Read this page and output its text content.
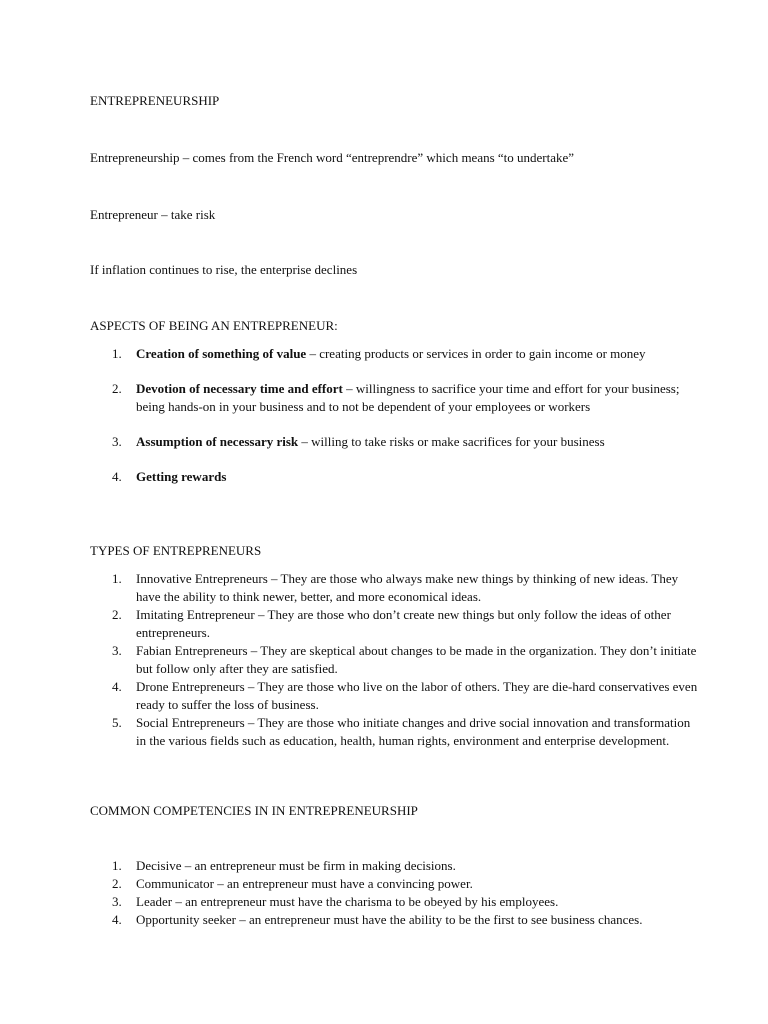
ENTREPRENEURSHIP

Entrepreneurship – comes from the French word “entreprendre” which means “to undertake”

Entrepreneur – take risk

If inflation continues to rise, the enterprise declines

ASPECTS OF BEING AN ENTREPRENEUR:

1. Creation of something of value – creating products or services in order to gain income or money
2. Devotion of necessary time and effort – willingness to sacrifice your time and effort for your business; being hands-on in your business and to not be dependent of your employees or workers
3. Assumption of necessary risk – willing to take risks or make sacrifices for your business
4. Getting rewards

TYPES OF ENTREPRENEURS

1. Innovative Entrepreneurs – They are those who always make new things by thinking of new ideas. They have the ability to think newer, better, and more economical ideas.
2. Imitating Entrepreneur – They are those who don’t create new things but only follow the ideas of other entrepreneurs.
3. Fabian Entrepreneurs – They are skeptical about changes to be made in the organization. They don’t initiate but follow only after they are satisfied.
4. Drone Entrepreneurs – They are those who live on the labor of others. They are die-hard conservatives even ready to suffer the loss of business.
5. Social Entrepreneurs – They are those who initiate changes and drive social innovation and transformation in the various fields such as education, health, human rights, environment and enterprise development.

COMMON COMPETENCIES IN IN ENTREPRENEURSHIP

1. Decisive – an entrepreneur must be firm in making decisions.
2. Communicator – an entrepreneur must have a convincing power.
3. Leader – an entrepreneur must have the charisma to be obeyed by his employees.
4. Opportunity seeker – an entrepreneur must have the ability to be the first to see business chances.
